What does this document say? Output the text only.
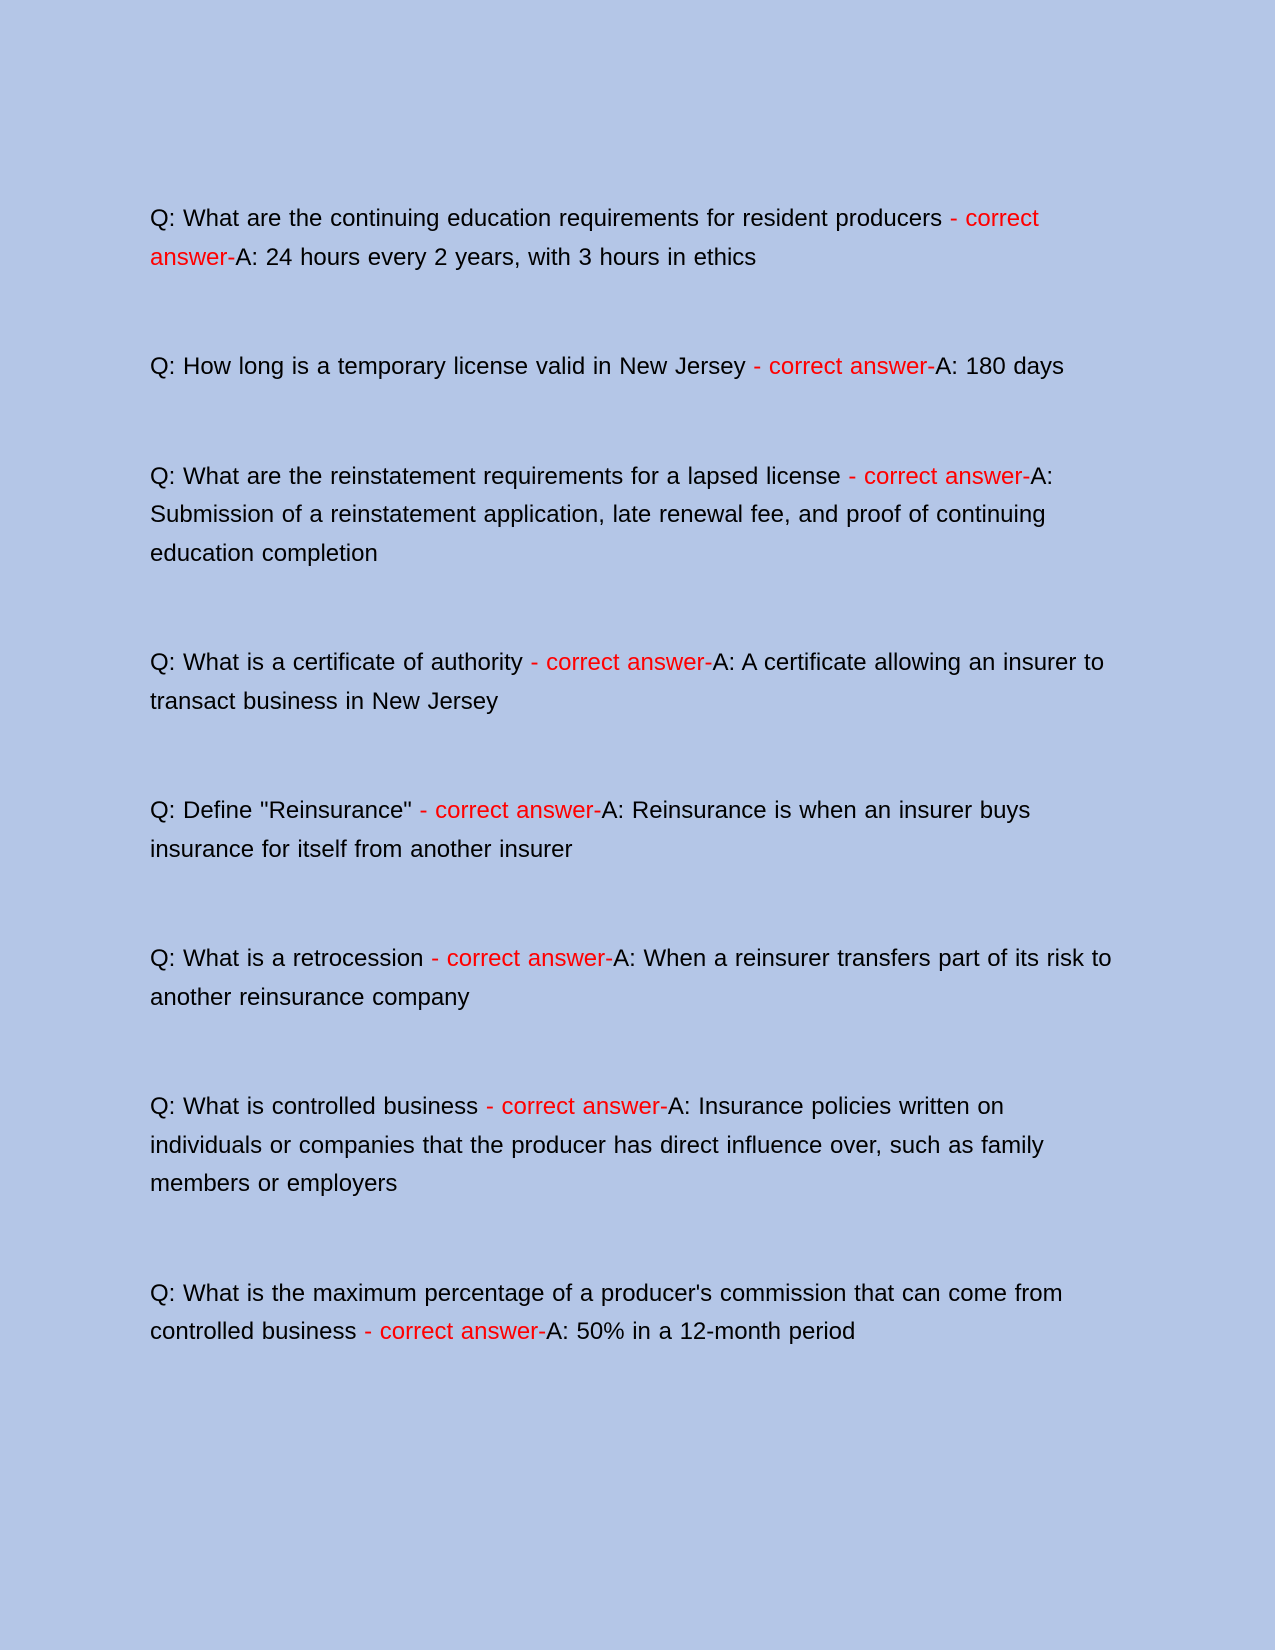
Q: What are the continuing education requirements for resident producers - correct answer-A: 24 hours every 2 years, with 3 hours in ethics

Q: How long is a temporary license valid in New Jersey - correct answer-A: 180 days

Q: What are the reinstatement requirements for a lapsed license - correct answer-A: Submission of a reinstatement application, late renewal fee, and proof of continuing education completion

Q: What is a certificate of authority - correct answer-A: A certificate allowing an insurer to transact business in New Jersey

Q: Define "Reinsurance" - correct answer-A: Reinsurance is when an insurer buys insurance for itself from another insurer

Q: What is a retrocession - correct answer-A: When a reinsurer transfers part of its risk to another reinsurance company

Q: What is controlled business - correct answer-A: Insurance policies written on individuals or companies that the producer has direct influence over, such as family members or employers

Q: What is the maximum percentage of a producer's commission that can come from controlled business - correct answer-A: 50% in a 12-month period
